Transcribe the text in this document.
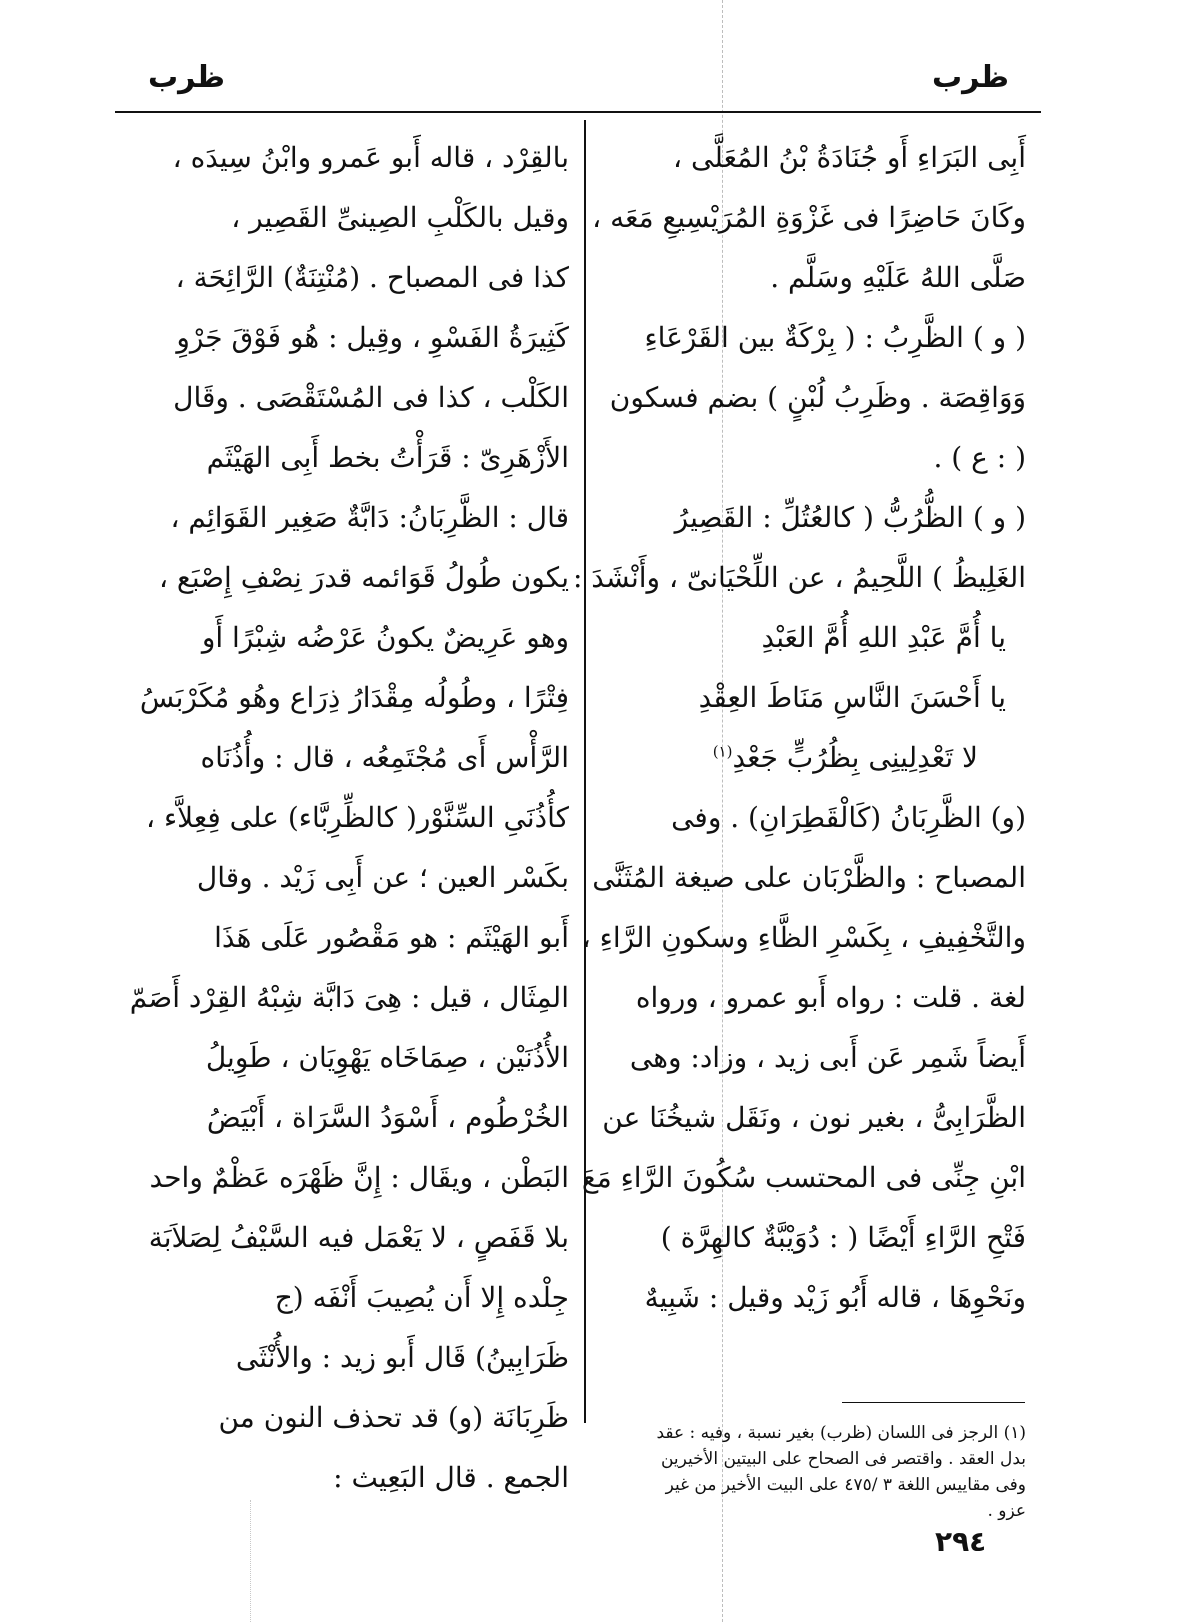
ظرب	ظرب
أَبِى البَرَاءِ أَو جُنَادَةُ بْنُ المُعَلَّى ،
وكَانَ حَاضِرًا فى غَزْوَةِ المُرَيْسِيعِ مَعَه ،
صَلَّى اللهُ عَلَيْهِ وسَلَّم .
( و ) الظَّرِبُ : ( بِرْكَةٌ بين القَرْعَاءِ
وَوَاقِصَة . وظَرِبُ لُبْنٍ ) بضم فسكون
( : ع ) .
( و ) الظُّرُبُّ ( كالعُتُلِّ : القَصِيرُ
الغَلِيظُ ) اللَّحِيمُ ، عن اللِّحْيَانىّ ، وأَنْشَدَ :
يا أُمَّ عَبْدِ اللهِ أُمَّ العَبْدِ
يا أَحْسَنَ النَّاسِ مَنَاطَ العِقْدِ
لا تَعْدِلِينِى بِظُرُبٍّ جَعْدِ$^{(١)}$
(و) الظَّرِبَانُ (كَالْقَطِرَانِ) . وفى
المصباح : والظَّرْبَان على صيغة المُثَنَّى
والتَّخْفِيفِ ، بِكَسْرِ الظَّاءِ وسكونِ الرَّاءِ ،
لغة . قلت : رواه أَبو عمرو ، ورواه
أَيضاً شَمِر عَن أَبى زيد ، وزاد: وهى
الظَّرَابِىُّ ، بغير نون ، ونَقَل شيخُنَا عن
ابْنِ جِنِّى فى المحتسب سُكُونَ الرَّاءِ مَعَ
فَتْحِ الرَّاءِ أَيْضًا ( : دُوَيْبَّةٌ كالهِرَّة )
ونَحْوِهَا ، قاله أَبُو زَيْد وقيل : شَبِيهٌ
بالقِرْد ، قاله أَبو عَمرو وابْنُ سِيدَه ،
وقيل بالكَلْبِ الصِينىِّ القَصِير ،
كذا فى المصباح . (مُنْتِنَةٌ) الرَّائِحَة ،
كَثِيرَةُ الفَسْوِ ، وقِيل : هُو فَوْقَ جَرْوِ
الكَلْب ، كذا فى المُسْتَقْصَى . وقَال
الأَزْهَرِىّ : قَرَأْتُ بخط أَبِى الهَيْثَم
قال : الظَّرِبَانُ: دَابَّةٌ صَغِير القَوَائِم ،
يكون طُولُ قَوَائمه قدرَ نِصْفِ إِصْبَع ،
وهو عَرِيضٌ يكونُ عَرْضُه شِبْرًا أَو
فِتْرًا ، وطُولُه مِقْدَارُ ذِرَاع وهُو مُكَرْبَسُ
الرَّأْس أَى مُجْتَمِعُه ، قال : وأُذُنَاه
كأُذُنَىِ السِّنَّوْر( كالظِّرِبَّاء) على فِعِلاَّء ،
بكَسْر العين ؛ عن أَبِى زَيْد . وقال
أَبو الهَيْثَم : هو مَقْصُور عَلَى هَذَا
المِثَال ، قيل : هِىَ دَابَّة شِبْهُ القِرْد أَصَمّ
الأُذُنَيْن ، صِمَاخَاه يَهْوِيَان ، طَوِيلُ
الخُرْطُوم ، أَسْوَدُ السَّرَاة ، أَبْيَضُ
البَطْن ، ويقَال : إِنَّ ظَهْرَه عَظْمٌ واحد
بلا قَفَصٍ ، لا يَعْمَل فيه السَّيْفُ لِصَلاَبَة
جِلْده إِلا أَن يُصِيبَ أَنْفَه (ج
ظَرَابِينُ) قَال أَبو زيد : والأُنْثَى
ظَرِبَانَة (و) قد تحذف النون من
الجمع . قال البَعِيث :
(١) الرجز فى اللسان (ظرب) بغير نسبة ، وفيه : عقد
بدل العقد . واقتصر فى الصحاح على البيتين الأخيرين
وفى مقاييس اللغة ٣ /٤٧٥ على البيت الأخير من غير
عزو .
٢٩٤
